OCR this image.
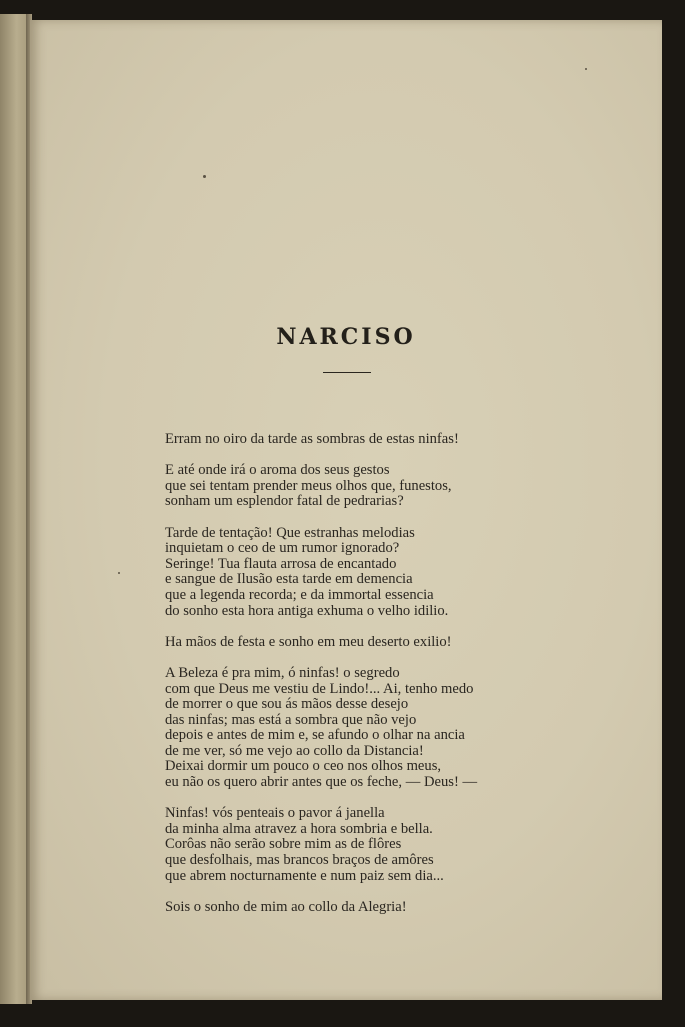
NARCISO
Erram no oiro da tarde as sombras de estas ninfas!
E até onde irá o aroma dos seus gestos
que sei tentam prender meus olhos que, funestos,
sonham um esplendor fatal de pedrarias?
Tarde de tentação! Que estranhas melodias
inquietam o ceo de um rumor ignorado?
Seringe! Tua flauta arrosa de encantado
e sangue de Ilusão esta tarde em demencia
que a legenda recorda; e da immortal essencia
do sonho esta hora antiga exhuma o velho idilio.
Ha mãos de festa e sonho em meu deserto exilio!
A Beleza é pra mim, ó ninfas! o segredo
com que Deus me vestiu de Lindo!... Ai, tenho medo
de morrer o que sou ás mãos desse desejo
das ninfas; mas está a sombra que não vejo
depois e antes de mim e, se afundo o olhar na ancia
de me ver, só me vejo ao collo da Distancia!
Deixai dormir um pouco o ceo nos olhos meus,
eu não os quero abrir antes que os feche, — Deus! —
Ninfas! vós penteais o pavor á janella
da minha alma atravez a hora sombria e bella.
Corôas não serão sobre mim as de flôres
que desfolhais, mas brancos braços de amôres
que abrem nocturnamente e num paiz sem dia...
Sois o sonho de mim ao collo da Alegria!
